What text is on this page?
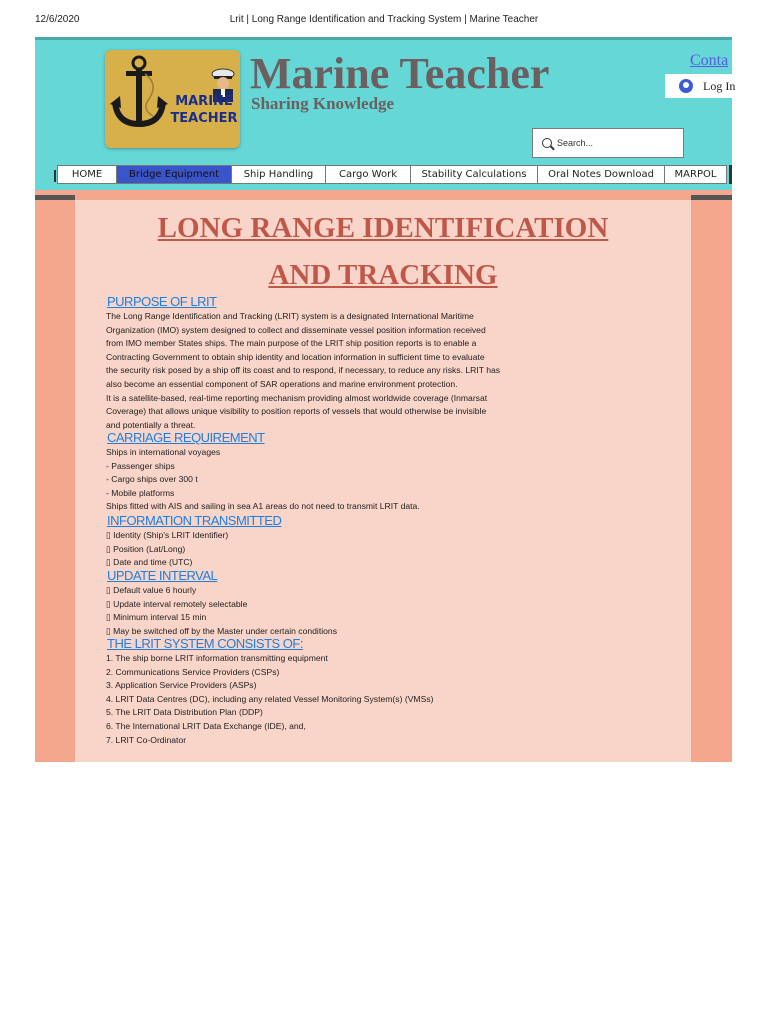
12/6/2020	Lrit | Long Range Identification and Tracking System | Marine Teacher
MARINE
TEACHER
Marine Teacher
Sharing Knowledge
Conta
Log In
Search...
HOME	Bridge Equipment	Ship Handling	Cargo Work	Stability Calculations	Oral Notes Download	MARPOL
LONG RANGE IDENTIFICATION
AND TRACKING
PURPOSE OF LRIT
The Long Range Identification and Tracking (LRIT) system is a designated International Maritime
Organization (IMO) system designed to collect and disseminate vessel position information received
from IMO member States ships. The main purpose of the LRIT ship position reports is to enable a
Contracting Government to obtain ship identity and location information in sufficient time to evaluate
the security risk posed by a ship off its coast and to respond, if necessary, to reduce any risks. LRIT has
also become an essential component of SAR operations and marine environment protection.
It is a satellite-based, real-time reporting mechanism providing almost worldwide coverage (Inmarsat
Coverage) that allows unique visibility to position reports of vessels that would otherwise be invisible
and potentially a threat.
CARRIAGE REQUIREMENT
Ships in international voyages
- Passenger ships
- Cargo ships over 300 t
- Mobile platforms
Ships fitted with AIS and sailing in sea A1 areas do not need to transmit LRIT data.
INFORMATION TRANSMITTED
▯ Identity (Ship's LRIT Identifier)
▯ Position (Lat/Long)
▯ Date and time (UTC)
UPDATE INTERVAL
▯ Default value 6 hourly
▯ Update interval remotely selectable
▯ Minimum interval 15 min
▯ May be switched off by the Master under certain conditions
THE LRIT SYSTEM CONSISTS OF:
1. The ship borne LRIT information transmitting equipment
2. Communications Service Providers (CSPs)
3. Application Service Providers (ASPs)
4. LRIT Data Centres (DC), including any related Vessel Monitoring System(s) (VMSs)
5. The LRIT Data Distribution Plan (DDP)
6. The International LRIT Data Exchange (IDE), and,
7. LRIT Co-Ordinator
